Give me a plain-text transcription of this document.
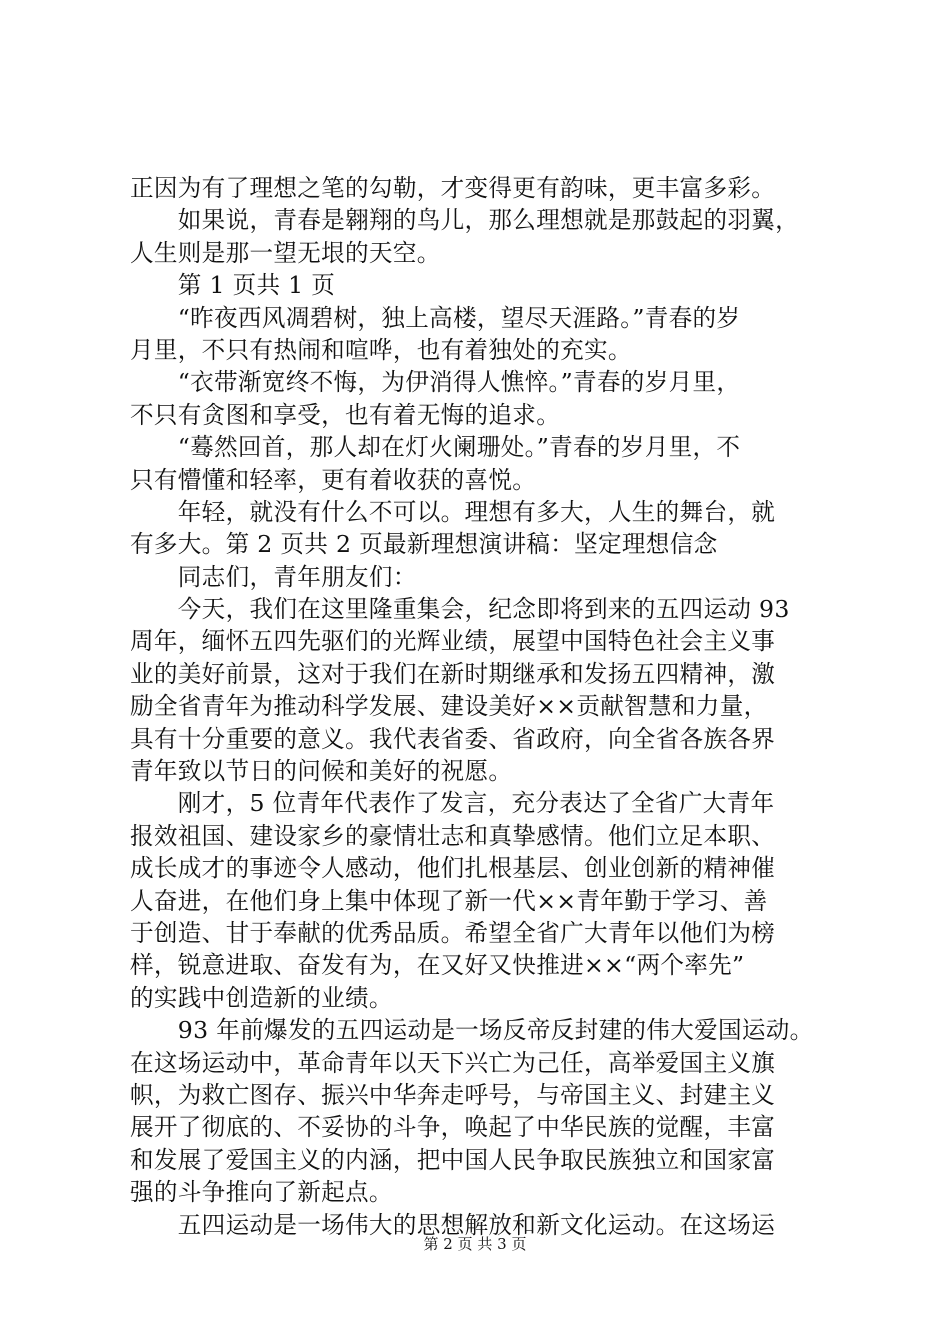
正因为有了理想之笔的勾勒，才变得更有韵味，更丰富多彩。
　　如果说，青春是翱翔的鸟儿，那么理想就是那鼓起的羽翼，
人生则是那一望无垠的天空。
　　第 1 页共 1 页
　　“昨夜西风凋碧树，独上高楼，望尽天涯路。”青春的岁
月里，不只有热闹和喧哗，也有着独处的充实。
　　“衣带渐宽终不悔，为伊消得人憔悴。”青春的岁月里，
不只有贪图和享受，也有着无悔的追求。
　　“蓦然回首，那人却在灯火阑珊处。”青春的岁月里，不
只有懵懂和轻率，更有着收获的喜悦。
　　年轻，就没有什么不可以。理想有多大，人生的舞台，就
有多大。第 2 页共 2 页最新理想演讲稿：坚定理想信念
　　同志们，青年朋友们：
　　今天，我们在这里隆重集会，纪念即将到来的五四运动 93
周年，缅怀五四先驱们的光辉业绩，展望中国特色社会主义事
业的美好前景，这对于我们在新时期继承和发扬五四精神，激
励全省青年为推动科学发展、建设美好××贡献智慧和力量，
具有十分重要的意义。我代表省委、省政府，向全省各族各界
青年致以节日的问候和美好的祝愿。
　　刚才，5 位青年代表作了发言，充分表达了全省广大青年
报效祖国、建设家乡的豪情壮志和真挚感情。他们立足本职、
成长成才的事迹令人感动，他们扎根基层、创业创新的精神催
人奋进，在他们身上集中体现了新一代××青年勤于学习、善
于创造、甘于奉献的优秀品质。希望全省广大青年以他们为榜
样，锐意进取、奋发有为，在又好又快推进××“两个率先”
的实践中创造新的业绩。
　　93 年前爆发的五四运动是一场反帝反封建的伟大爱国运动。
在这场运动中，革命青年以天下兴亡为己任，高举爱国主义旗
帜，为救亡图存、振兴中华奔走呼号，与帝国主义、封建主义
展开了彻底的、不妥协的斗争，唤起了中华民族的觉醒，丰富
和发展了爱国主义的内涵，把中国人民争取民族独立和国家富
强的斗争推向了新起点。
　　五四运动是一场伟大的思想解放和新文化运动。在这场运
第 2 页 共 3 页
